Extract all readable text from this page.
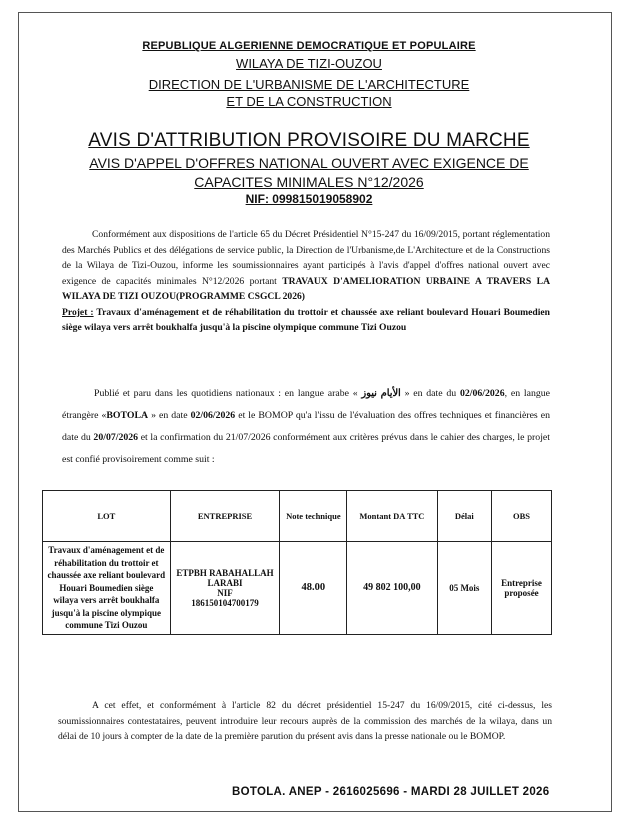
REPUBLIQUE ALGERIENNE DEMOCRATIQUE ET POPULAIRE
WILAYA DE TIZI-OUZOU
DIRECTION DE L'URBANISME DE L'ARCHITECTURE
ET DE LA CONSTRUCTION
AVIS D'ATTRIBUTION PROVISOIRE DU MARCHE
AVIS D'APPEL D'OFFRES NATIONAL OUVERT AVEC EXIGENCE DE
CAPACITES MINIMALES N°12/2026
NIF: 099815019058902
Conformément aux dispositions de l'article 65 du Décret Présidentiel N°15-247 du 16/09/2015, portant réglementation des Marchés Publics et des délégations de service public, la Direction de l'Urbanisme,de L'Architecture et de la Constructions de la Wilaya de Tizi-Ouzou, informe les soumissionnaires ayant participés à l'avis d'appel d'offres national ouvert avec exigence de capacités minimales N°12/2026 portant TRAVAUX D'AMELIORATION URBAINE A TRAVERS LA WILAYA DE TIZI OUZOU(PROGRAMME CSGCL 2026)
Projet : Travaux d'aménagement et de réhabilitation du trottoir et chaussée axe reliant boulevard Houari Boumedien siège wilaya vers arrêt boukhalfa jusqu'à la piscine olympique commune Tizi Ouzou
Publié et paru dans les quotidiens nationaux : en langue arabe « الأيام نيوز » en date du 02/06/2026, en langue étrangère «BOTOLA » en date 02/06/2026 et le BOMOP qu'a l'issu de l'évaluation des offres techniques et financières en date du 20/07/2026 et la confirmation du 21/07/2026 conformément aux critères prévus dans le cahier des charges, le projet est confié provisoirement comme suit :
LOT	ENTREPRISE	Note technique	Montant DA TTC	Délai	OBS
Travaux d'aménagement et de réhabilitation du trottoir et chaussée axe reliant boulevard Houari Boumedien siège wilaya vers arrêt boukhalfa jusqu'à la piscine olympique commune Tizi Ouzou	ETPBH RABAHALLAH
LARABI
NIF
186150104700179	48.00	49 802 100,00	05 Mois	Entreprise proposée
A cet effet, et conformément à l'article 82 du décret présidentiel 15-247 du 16/09/2015, cité ci-dessus, les soumissionnaires contestataires, peuvent introduire leur recours auprès de la commission des marchés de la wilaya, dans un délai de 10 jours à compter de la date de la première parution du présent avis dans la presse nationale ou le BOMOP.
BOTOLA. ANEP - 2616025696 - MARDI 28 JUILLET 2026
